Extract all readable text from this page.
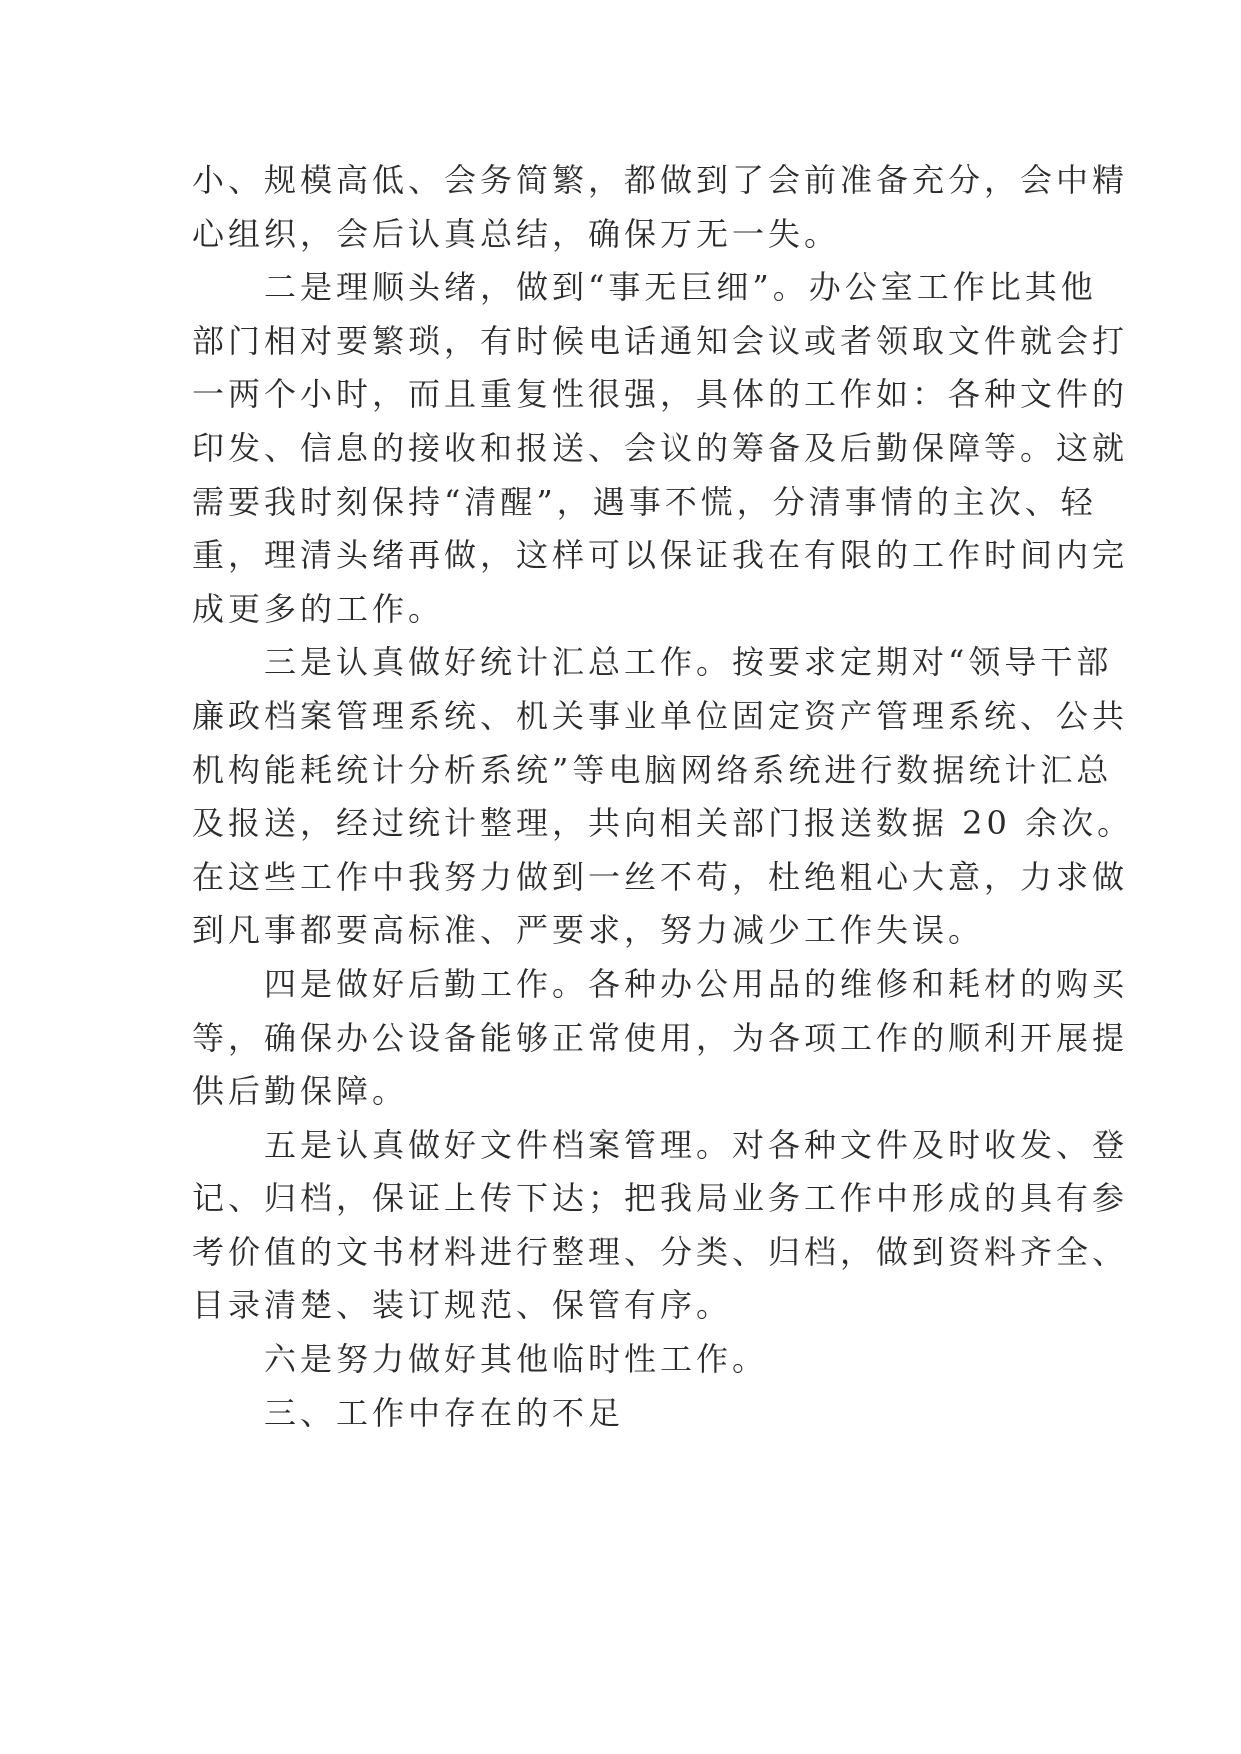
小、规模高低、会务简繁，都做到了会前准备充分，会中精
心组织，会后认真总结，确保万无一失。

二是理顺头绪，做到“事无巨细”。办公室工作比其他
部门相对要繁琐，有时候电话通知会议或者领取文件就会打
一两个小时，而且重复性很强，具体的工作如：各种文件的
印发、信息的接收和报送、会议的筹备及后勤保障等。这就
需要我时刻保持“清醒”，遇事不慌，分清事情的主次、轻
重，理清头绪再做，这样可以保证我在有限的工作时间内完
成更多的工作。

三是认真做好统计汇总工作。按要求定期对“领导干部
廉政档案管理系统、机关事业单位固定资产管理系统、公共
机构能耗统计分析系统”等电脑网络系统进行数据统计汇总
及报送，经过统计整理，共向相关部门报送数据 20 余次。
在这些工作中我努力做到一丝不苟，杜绝粗心大意，力求做
到凡事都要高标准、严要求，努力减少工作失误。

四是做好后勤工作。各种办公用品的维修和耗材的购买
等，确保办公设备能够正常使用，为各项工作的顺利开展提
供后勤保障。

五是认真做好文件档案管理。对各种文件及时收发、登
记、归档，保证上传下达；把我局业务工作中形成的具有参
考价值的文书材料进行整理、分类、归档，做到资料齐全、
目录清楚、装订规范、保管有序。

六是努力做好其他临时性工作。

三、工作中存在的不足
